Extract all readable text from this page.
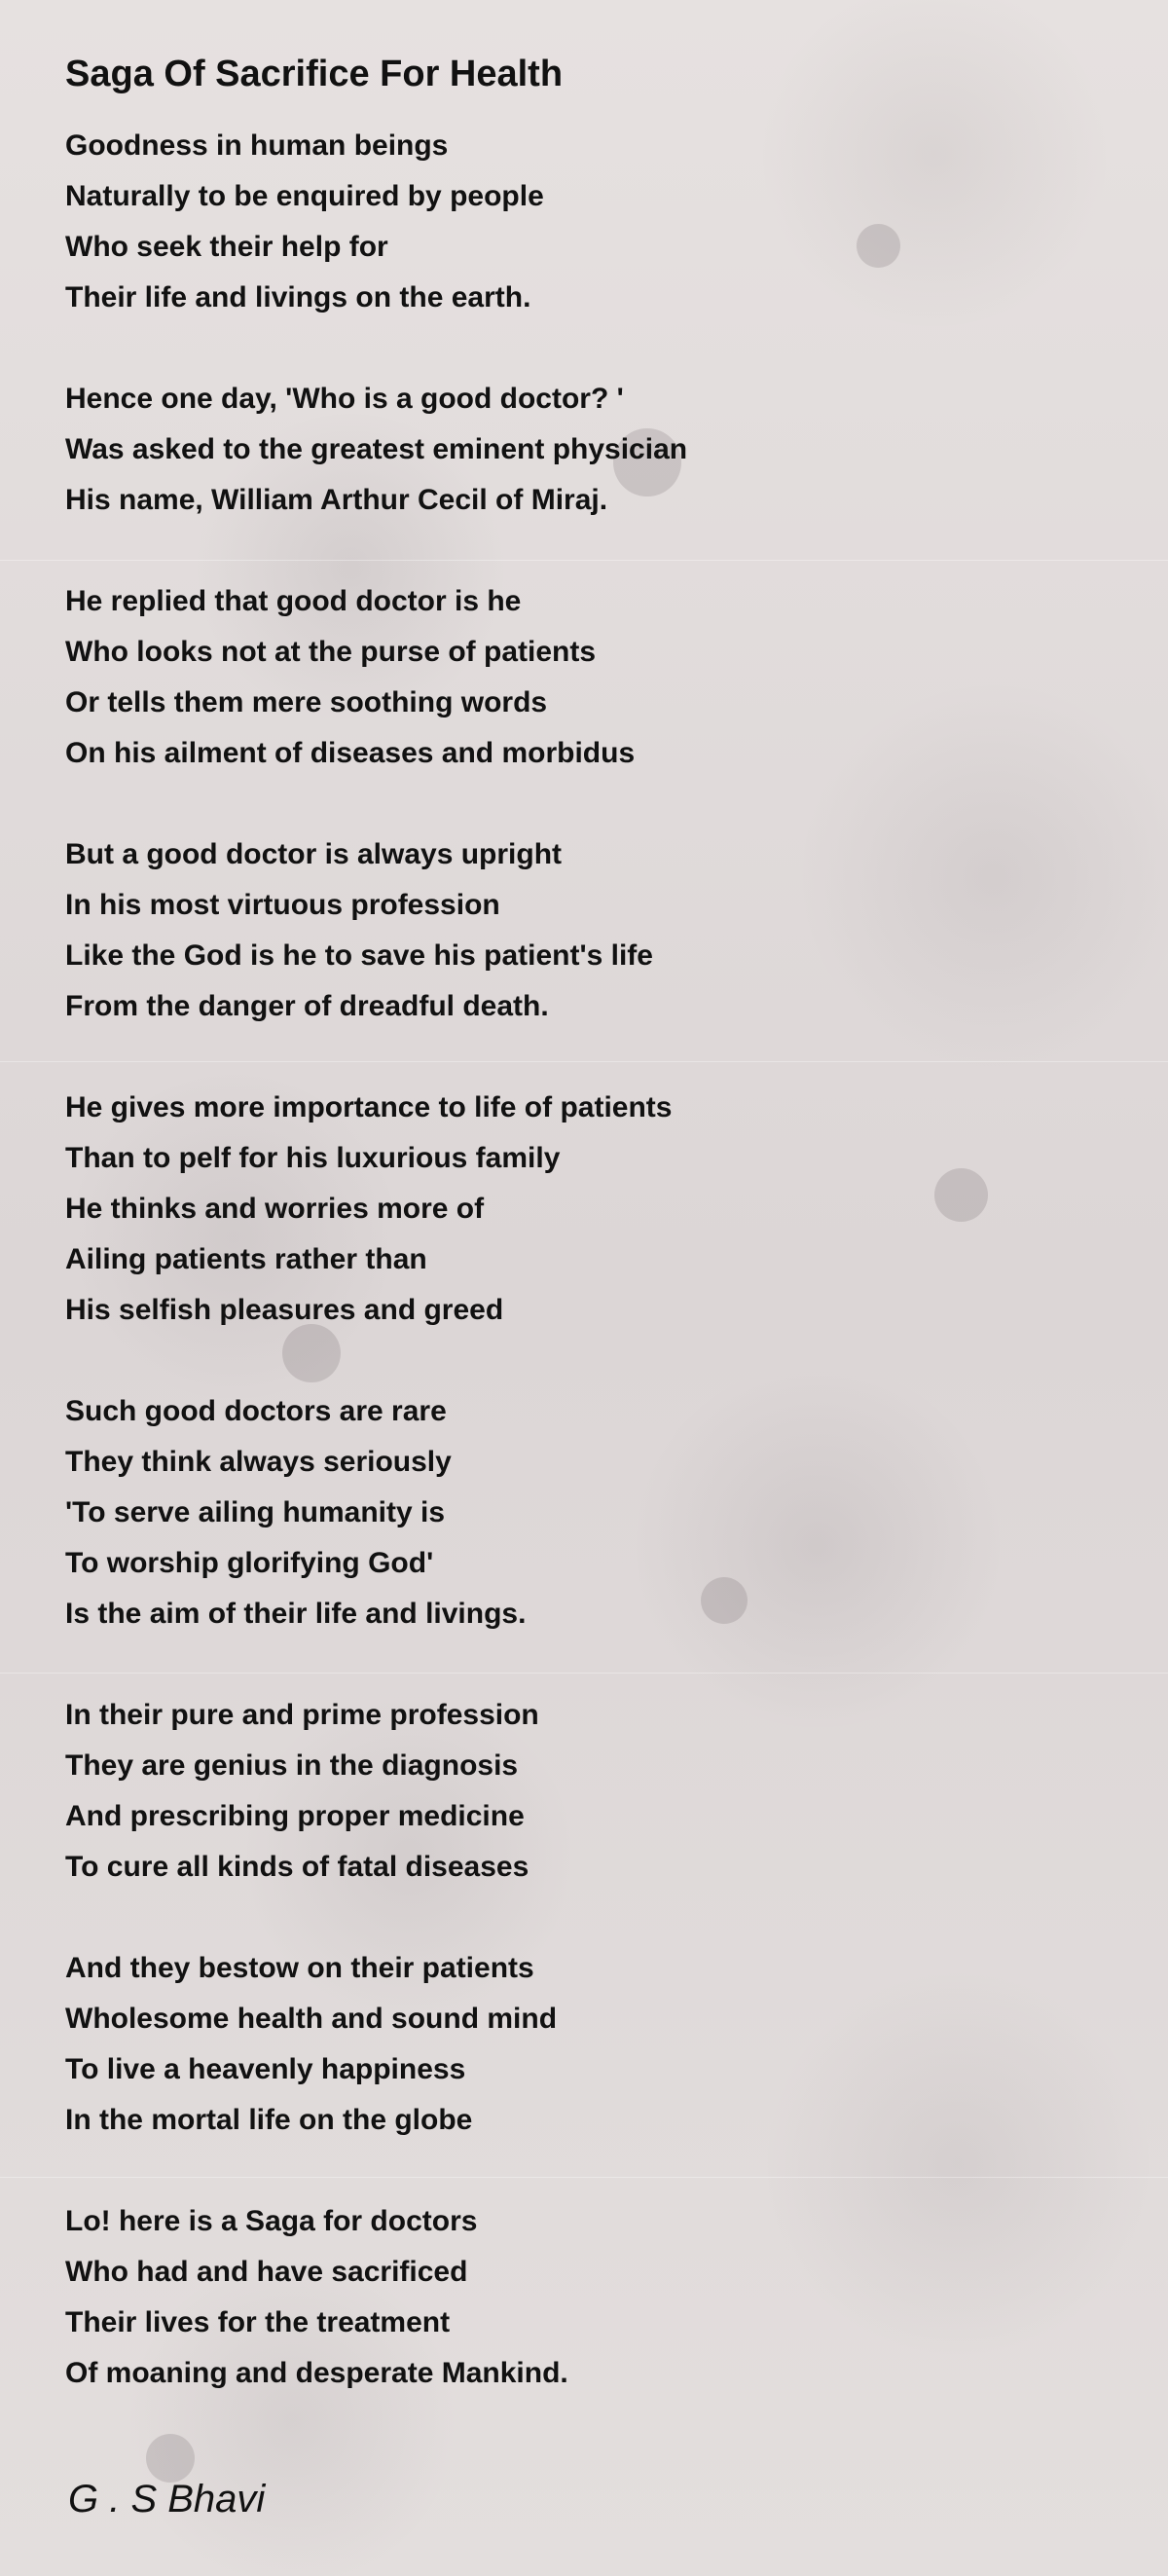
Saga Of Sacrifice For Health
Goodness in human beings
Naturally to be enquired by people
Who seek their help for
Their life and livings on the earth.
Hence one day, 'Who is a good doctor? '
Was asked to the greatest eminent physician
His name, William Arthur Cecil of Miraj.
He replied that good doctor is he
Who looks not at the purse of patients
Or tells them mere soothing words
On his ailment of diseases and morbidus
But a good doctor is always upright
In his most virtuous profession
Like the God is he to save his patient's life
From the danger of dreadful death.
He gives more importance to life of patients
Than to pelf for his luxurious family
He thinks and worries more of
Ailing patients rather than
His selfish pleasures and greed
Such good doctors are rare
They think always seriously
'To serve ailing humanity is
To worship glorifying God'
Is the aim of their life and livings.
In their pure and prime profession
They are genius in the diagnosis
And prescribing proper medicine
To cure all kinds of fatal diseases
And they bestow on their patients
Wholesome health and sound mind
To live a heavenly happiness
In the mortal life on the globe
Lo! here is a Saga for doctors
Who had and have sacrificed
Their lives for the treatment
Of moaning and desperate Mankind.
G . S Bhavi
